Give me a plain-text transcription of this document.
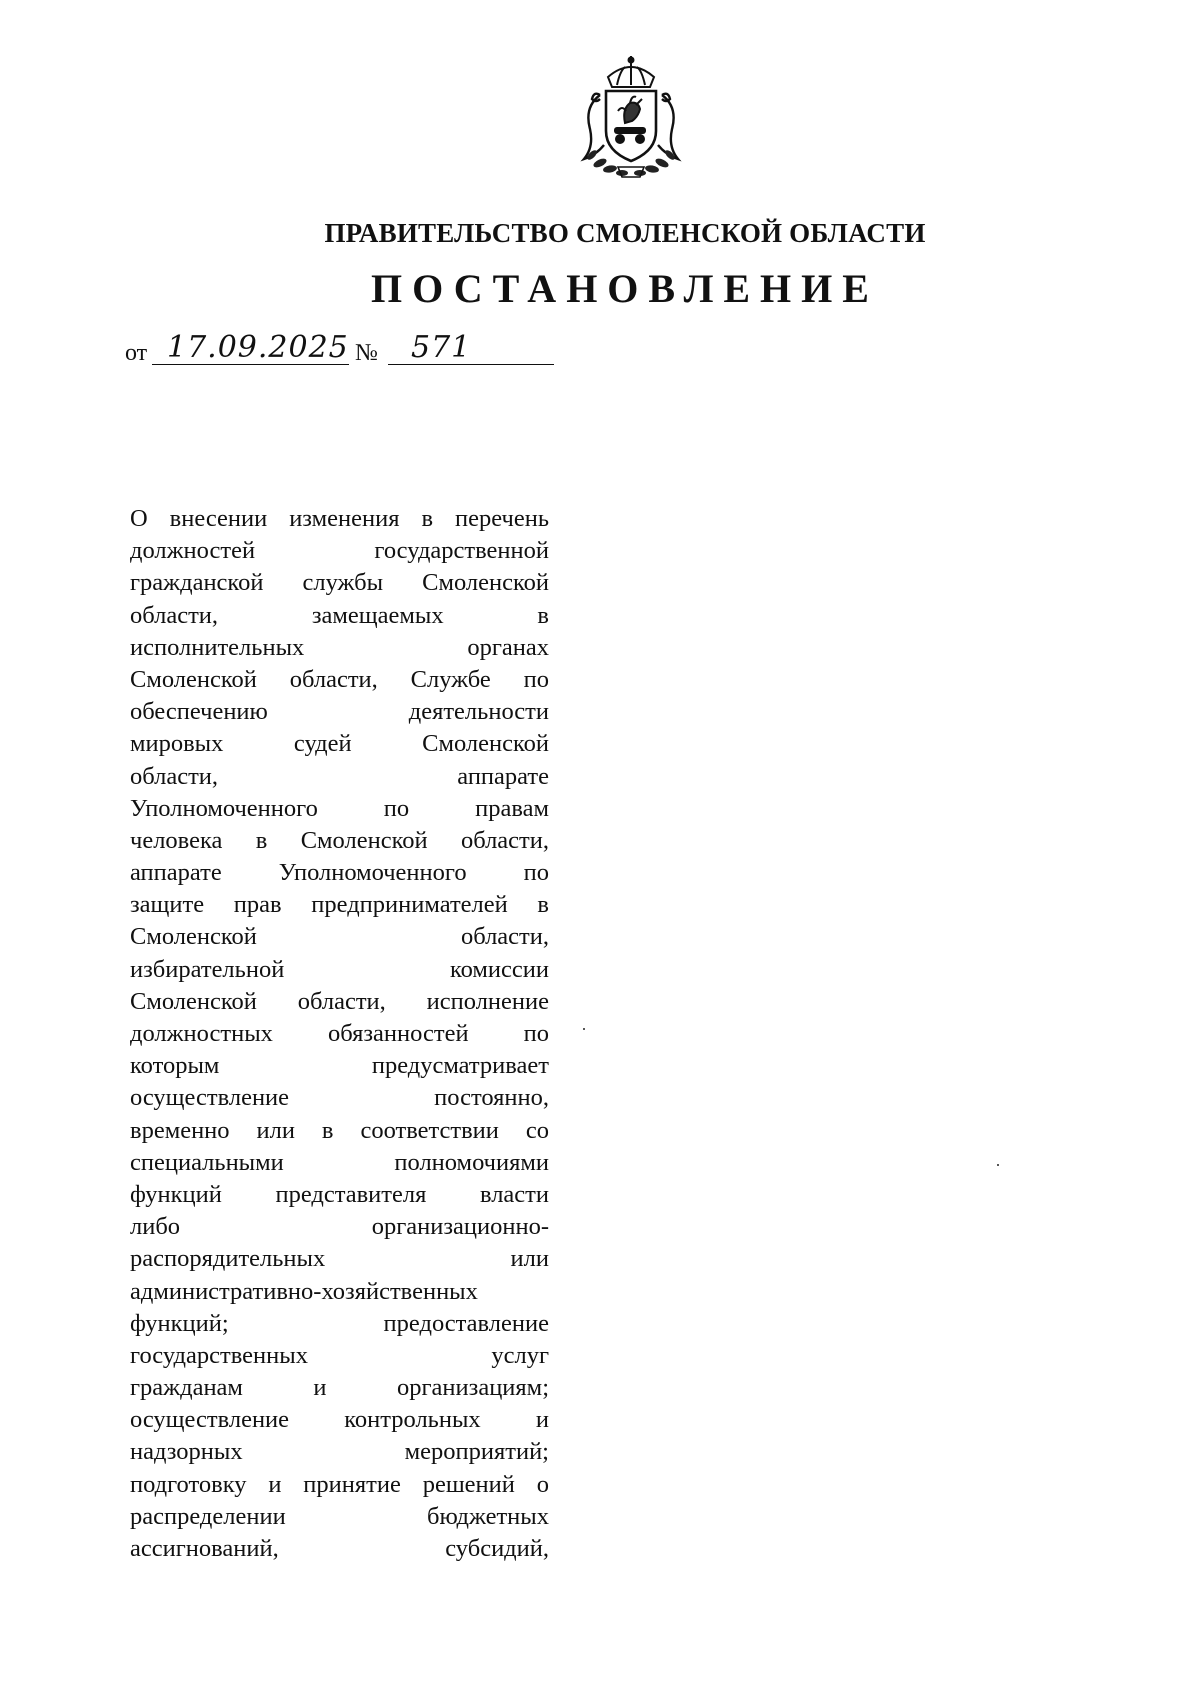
ПРАВИТЕЛЬСТВО СМОЛЕНСКОЙ ОБЛАСТИ
ПОСТАНОВЛЕНИЕ
от 17.09.2025 № 571
О внесении изменения в перечень
должностей государственной
гражданской службы Смоленской
области, замещаемых в
исполнительных органах
Смоленской области, Службе по
обеспечению деятельности
мировых судей Смоленской
области, аппарате
Уполномоченного по правам
человека в Смоленской области,
аппарате Уполномоченного по
защите прав предпринимателей в
Смоленской области,
избирательной комиссии
Смоленской области, исполнение
должностных обязанностей по
которым предусматривает
осуществление постоянно,
временно или в соответствии со
специальными полномочиями
функций представителя власти
либо организационно-
распорядительных или
административно-хозяйственных
функций; предоставление
государственных услуг
гражданам и организациям;
осуществление контрольных и
надзорных мероприятий;
подготовку и принятие решений о
распределении бюджетных
ассигнований, субсидий,
